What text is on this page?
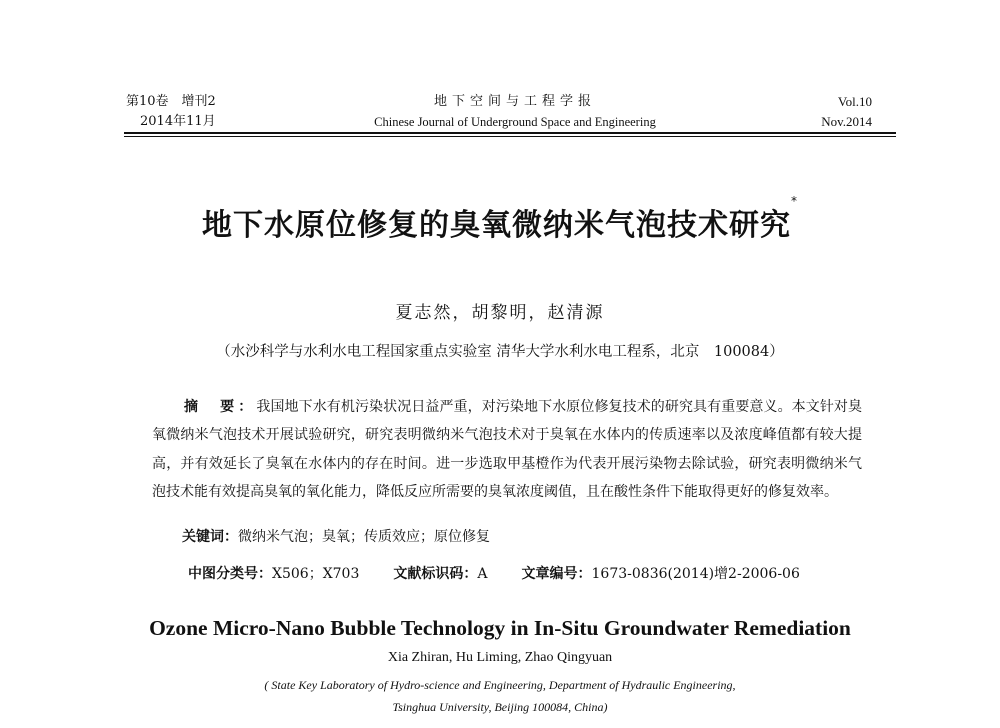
第10卷　增刊2
2014年11月
地下空间与工程学报
Chinese Journal of Underground Space and Engineering
Vol.10
Nov.2014
地下水原位修复的臭氧微纳米气泡技术研究*
夏志然，胡黎明，赵清源
（水沙科学与水利水电工程国家重点实验室 清华大学水利水电工程系，北京　100084）
摘　要：我国地下水有机污染状况日益严重，对污染地下水原位修复技术的研究具有重要意义。本文针对臭氧微纳米气泡技术开展试验研究，研究表明微纳米气泡技术对于臭氧在水体内的传质速率以及浓度峰值都有较大提高，并有效延长了臭氧在水体内的存在时间。进一步选取甲基橙作为代表开展污染物去除试验，研究表明微纳米气泡技术能有效提高臭氧的氧化能力，降低反应所需要的臭氧浓度阈值，且在酸性条件下能取得更好的修复效率。
关键词：微纳米气泡；臭氧；传质效应；原位修复
中图分类号：X506；X703 文献标识码：A 文章编号：1673-0836(2014)增2-2006-06
Ozone Micro-Nano Bubble Technology in In-Situ Groundwater Remediation
Xia Zhiran, Hu Liming, Zhao Qingyuan
( State Key Laboratory of Hydro-science and Engineering, Department of Hydraulic Engineering,
Tsinghua University, Beijing 100084, China)
